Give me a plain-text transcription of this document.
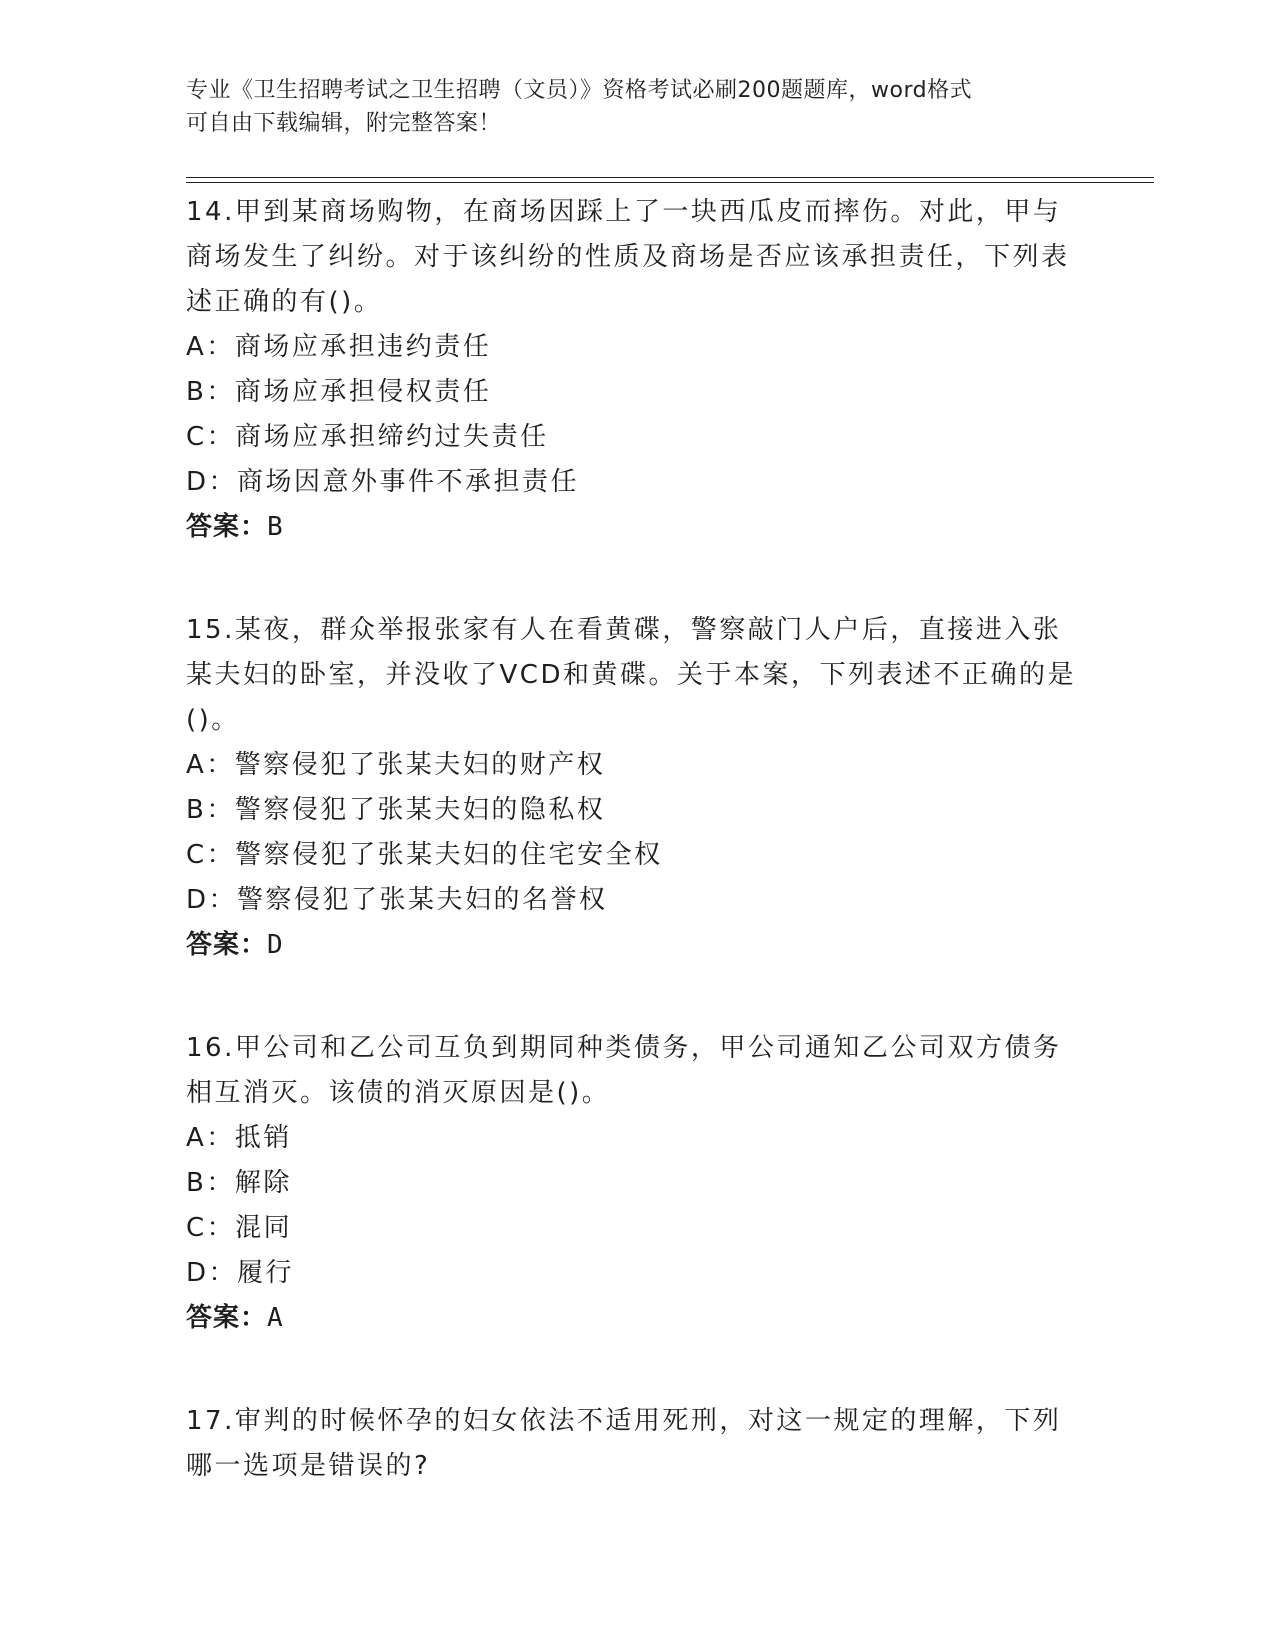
专业《卫生招聘考试之卫生招聘（文员）》资格考试必刷200题题库，word格式
可自由下载编辑，附完整答案！

14.甲到某商场购物，在商场因踩上了一块西瓜皮而摔伤。对此，甲与商场发生了纠纷。对于该纠纷的性质及商场是否应该承担责任，下列表述正确的有()。

A：商场应承担违约责任

B：商场应承担侵权责任

C：商场应承担缔约过失责任

D：商场因意外事件不承担责任

答案：B

15.某夜，群众举报张家有人在看黄碟，警察敲门人户后，直接进入张某夫妇的卧室，并没收了VCD和黄碟。关于本案，下列表述不正确的是()。

A：警察侵犯了张某夫妇的财产权

B：警察侵犯了张某夫妇的隐私权

C：警察侵犯了张某夫妇的住宅安全权

D：警察侵犯了张某夫妇的名誉权

答案：D

16.甲公司和乙公司互负到期同种类债务，甲公司通知乙公司双方债务相互消灭。该债的消灭原因是()。

A：抵销

B：解除

C：混同

D：履行

答案：A

17.审判的时候怀孕的妇女依法不适用死刑，对这一规定的理解，下列哪一选项是错误的?
